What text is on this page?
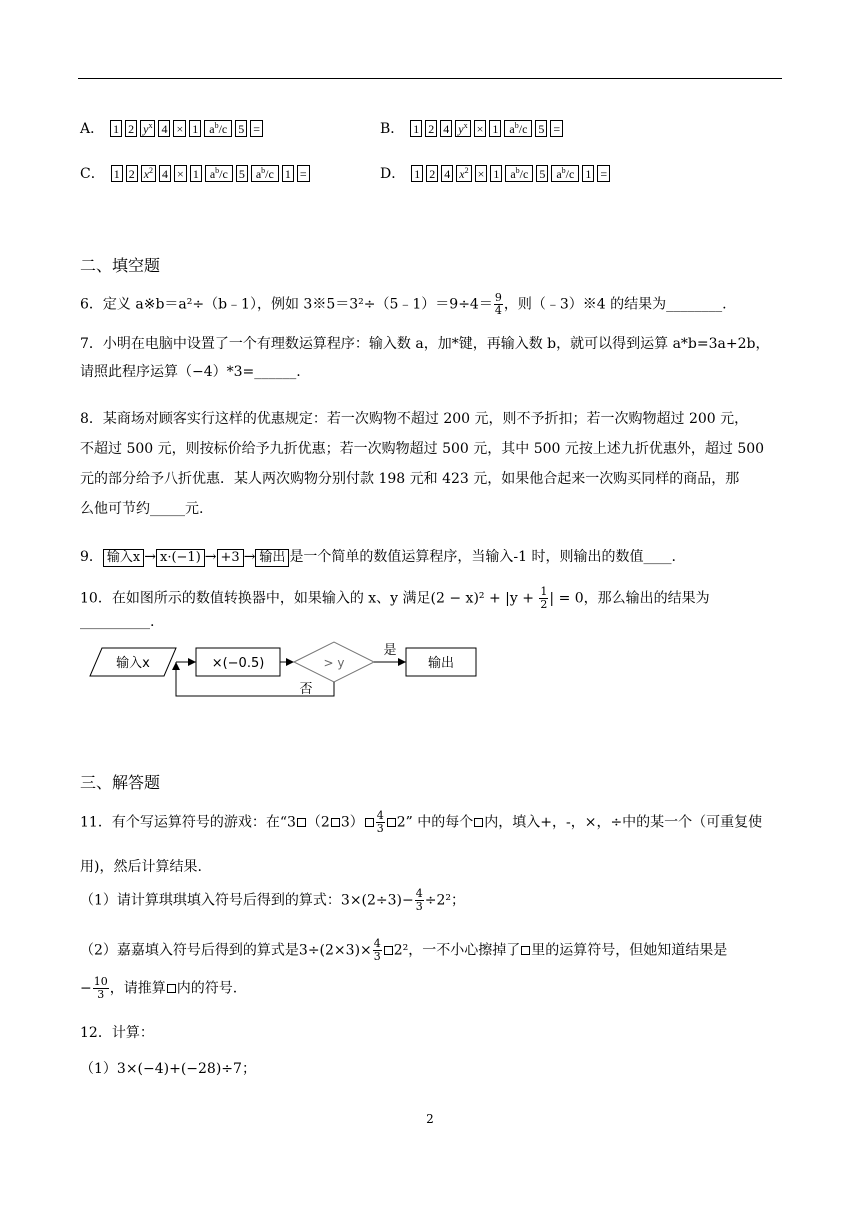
A． 1 2 $y^x$ 4 × 1 $a^b/c$ 5 =	B． 1 2 4 $y^x \times 1$ $a^b/c$ 5 =
C． 1 2 $x^2$ 4 × 1 $a^b/c$ 5 $a^b/c$ 1 =	D． 1 2 4 $x^2 \times 1$ $a^b/c$ 5 $a^b/c$ 1 =
二、填空题
6．定义 a※b＝a²÷（b﹣1），例如 3※5＝3²÷（5﹣1）＝9÷4＝ $\frac{9}{4}$ ，则（﹣3）※4 的结果为________.
7．小明在电脑中设置了一个有理数运算程序：输入数 a，加*键，再输入数 b，就可以得到运算 a*b=3a+2b，
请照此程序运算（−4）*3=______.
8．某商场对顾客实行这样的优惠规定：若一次购物不超过 200 元，则不予折扣；若一次购物超过 200 元，
不超过 500 元，则按标价给予九折优惠；若一次购物超过 500 元，其中 500 元按上述九折优惠外，超过 500
元的部分给予八折优惠．某人两次购物分别付款 198 元和 423 元，如果他合起来一次购买同样的商品，那
么他可节约_____元.
9． 输入x → x·(−1) → +3 → 输出 是一个简单的数值运算程序，当输入-1 时，则输出的数值____.
10．在如图所示的数值转换器中，如果输入的 x、y 满足$(2 - x)^2 + |y + \frac{1}{2}$ | = 0，那么输出的结果为__________.
输入x	×(−0.5)	> y
是
输出
否
三、解答题
11．有个写运算符号的游戏：在“3 （2 $3) \frac{4}{3} 2$” 中的每个 内，填入+，-，×，÷中的某一个（可重复使
用)，然后计算结果.
（1）请计算琪琪填入符号后得到的算式：$3\times(2\div 3)- \frac{4}{3} \div 2^2$；
（2）嘉嘉填入符号后得到的算式是$3\div(2\times 3)\times \frac{4}{3} 2^2$，一不小心擦掉了 里的运算符号，但她知道结果是
− $\frac{10}{3}$ ，请推算 内的符号.
12．计算：
（1）3×(−4)+(−28)÷7；
2
